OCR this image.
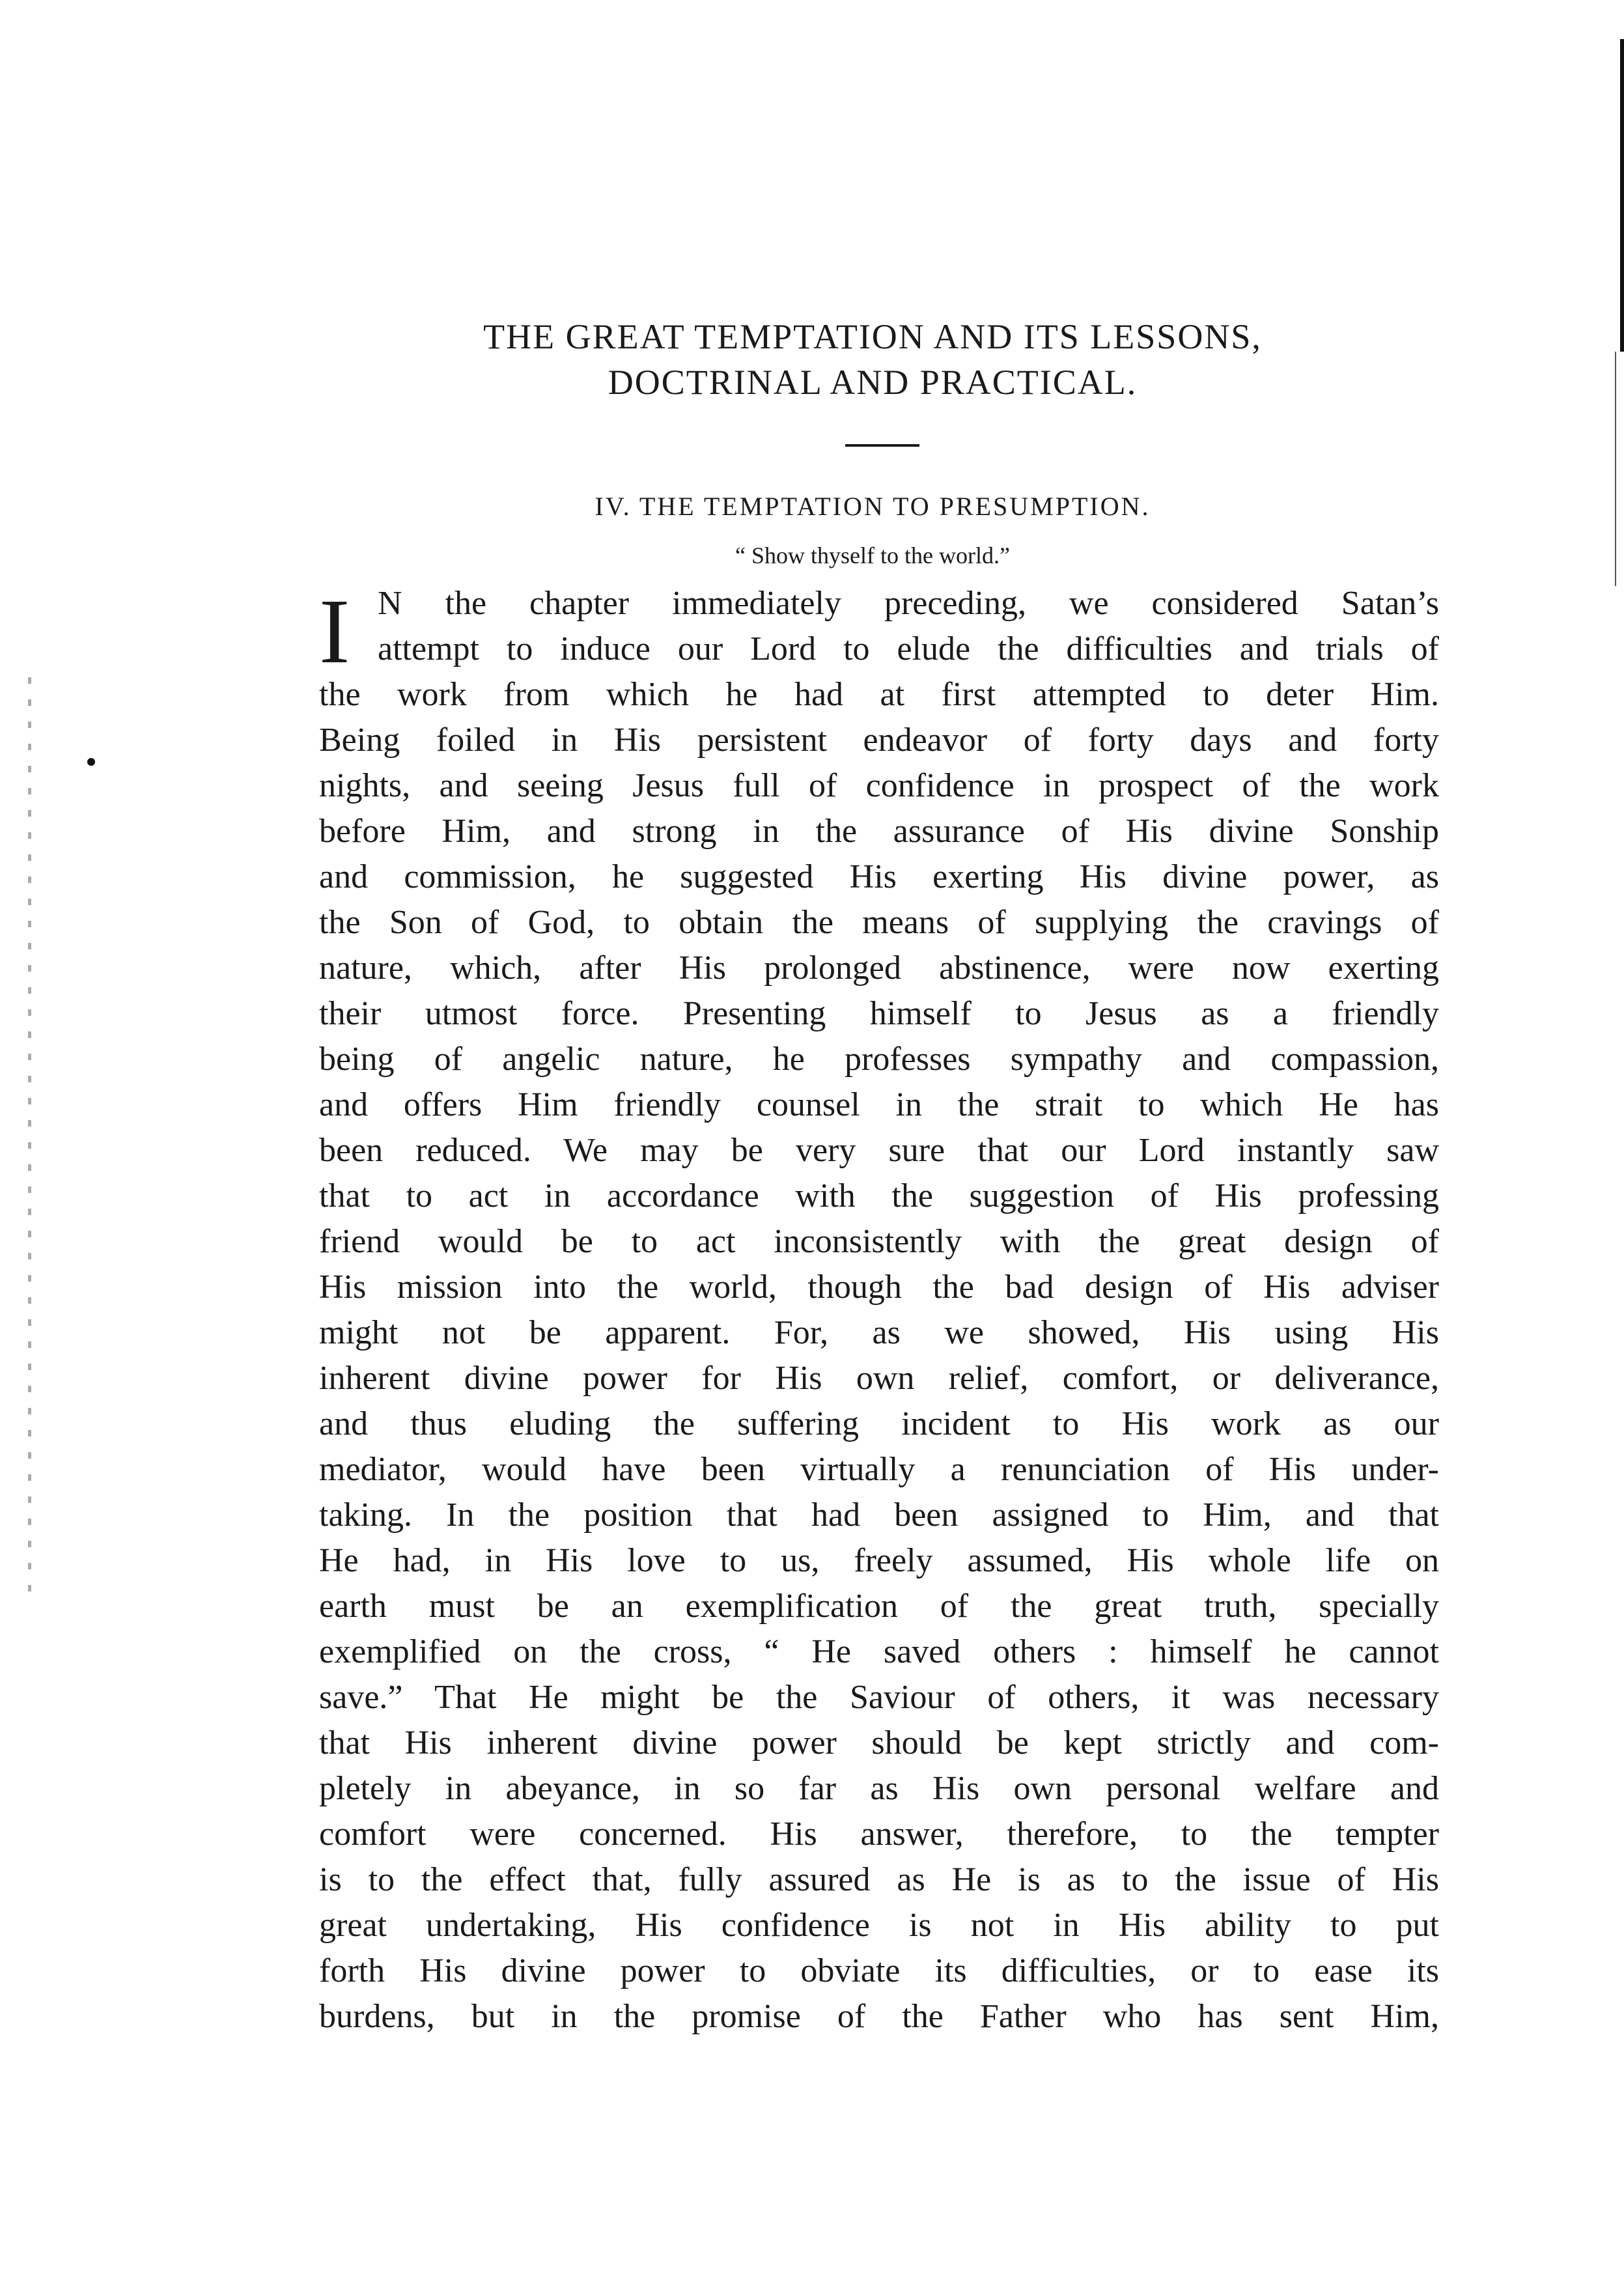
THE GREAT TEMPTATION AND ITS LESSONS,
DOCTRINAL AND PRACTICAL.
IV. THE TEMPTATION TO PRESUMPTION.
“ Show thyself to the world.”
I N the chapter immediately preceding, we considered Satan’s
attempt to induce our Lord to elude the difficulties and trials of
the work from which he had at first attempted to deter Him.
Being foiled in His persistent endeavor of forty days and forty
nights, and seeing Jesus full of confidence in prospect of the work
before Him, and strong in the assurance of His divine Sonship
and commission, he suggested His exerting His divine power, as
the Son of God, to obtain the means of supplying the cravings of
nature, which, after His prolonged abstinence, were now exerting
their utmost force. Presenting himself to Jesus as a friendly
being of angelic nature, he professes sympathy and compassion,
and offers Him friendly counsel in the strait to which He has
been reduced. We may be very sure that our Lord instantly saw
that to act in accordance with the suggestion of His professing
friend would be to act inconsistently with the great design of
His mission into the world, though the bad design of His adviser
might not be apparent. For, as we showed, His using His
inherent divine power for His own relief, comfort, or deliverance,
and thus eluding the suffering incident to His work as our
mediator, would have been virtually a renunciation of His under-
taking. In the position that had been assigned to Him, and that
He had, in His love to us, freely assumed, His whole life on
earth must be an exemplification of the great truth, specially
exemplified on the cross, “ He saved others : himself he cannot
save.” That He might be the Saviour of others, it was necessary
that His inherent divine power should be kept strictly and com-
pletely in abeyance, in so far as His own personal welfare and
comfort were concerned. His answer, therefore, to the tempter
is to the effect that, fully assured as He is as to the issue of His
great undertaking, His confidence is not in His ability to put
forth His divine power to obviate its difficulties, or to ease its
burdens, but in the promise of the Father who has sent Him,
